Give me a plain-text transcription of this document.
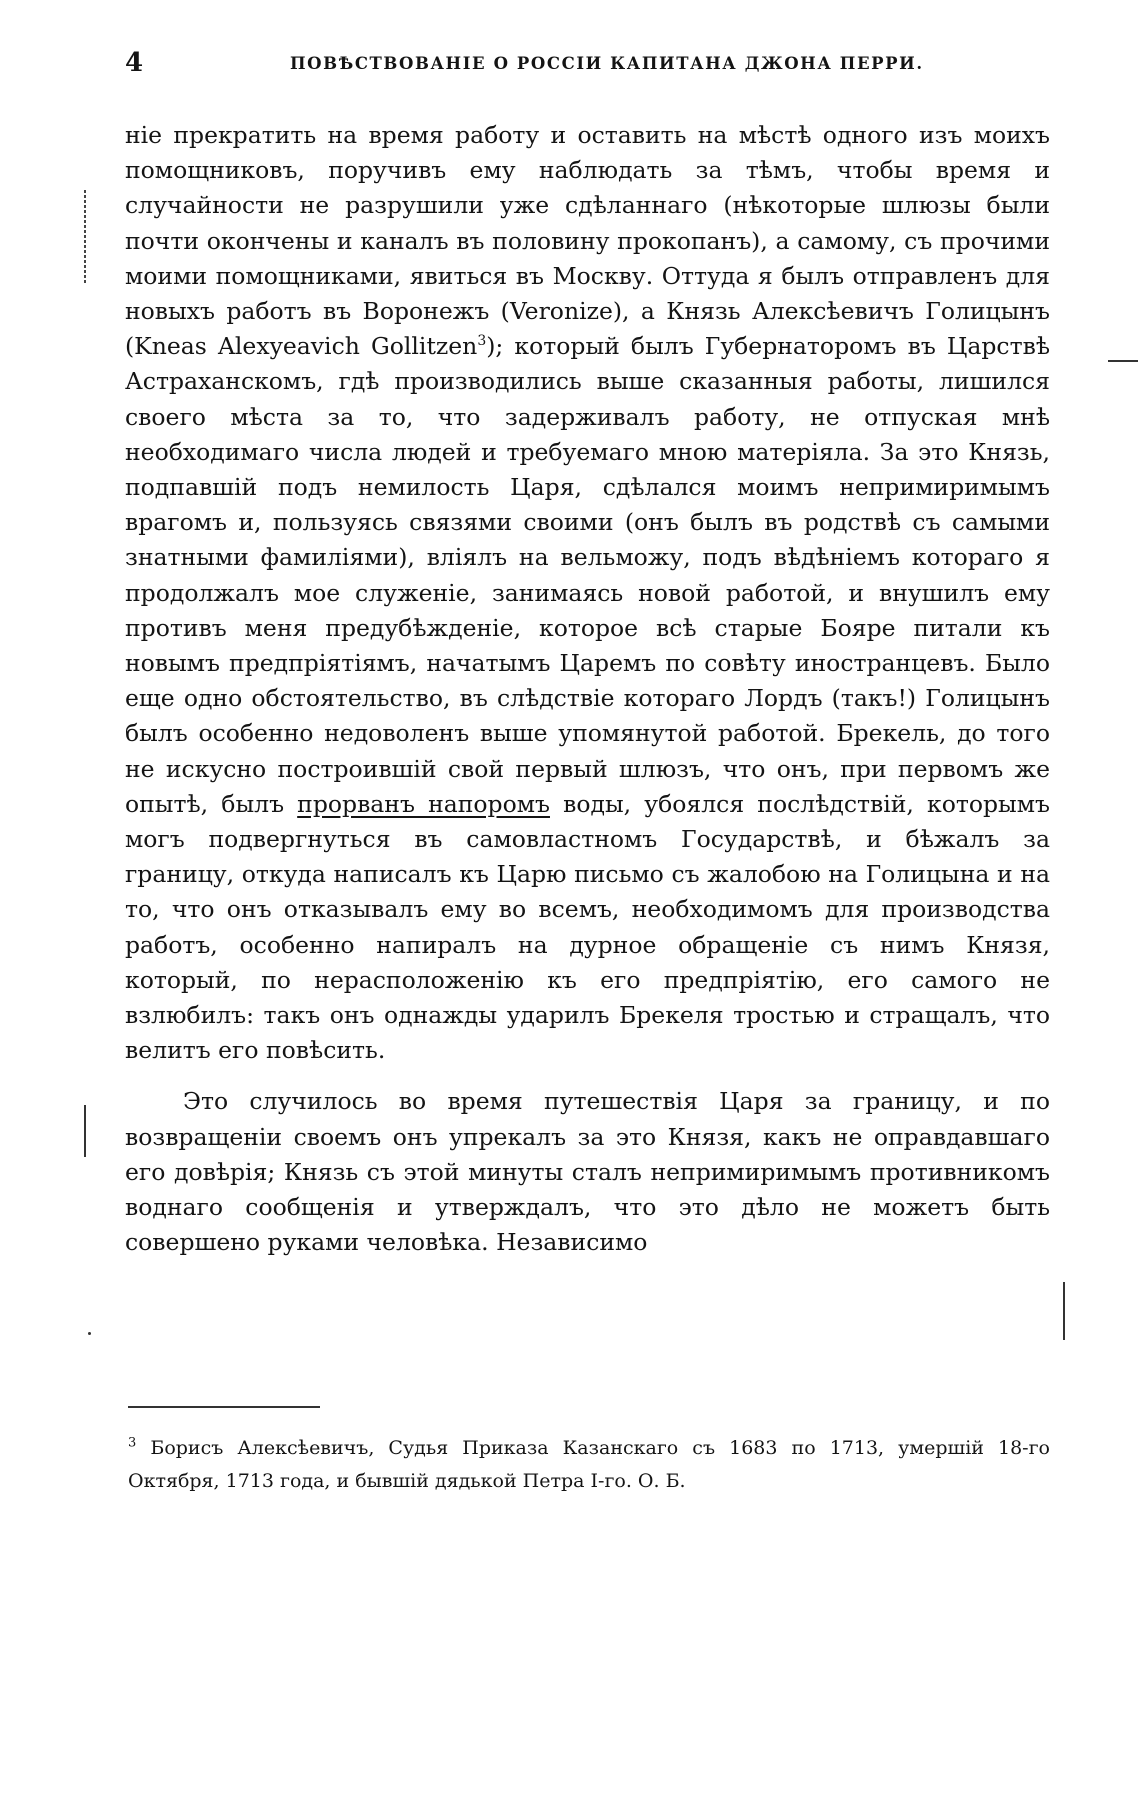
4	ПОВѢСТВОВАНІЕ О РОССІИ КАПИТАНА ДЖОНА ПЕРРИ.

ніе прекратить на время работу и оставить на мѣстѣ одного изъ моихъ помощниковъ, поручивъ ему наблюдать за тѣмъ, чтобы время и случайности не разрушили уже сдѣланнаго (нѣкоторые шлюзы были почти окончены и каналъ въ половину прокопанъ), а самому, съ прочими моими помощниками, явиться въ Москву. Оттуда я былъ отправленъ для новыхъ работъ въ Воронежъ (Veronize), а Князь Алексѣевичъ Голицынъ (Kneas Alexyeavich Gollitzen$^3$); который былъ Губернаторомъ въ Царствѣ Астраханскомъ, гдѣ производились выше сказанныя работы, лишился своего мѣста за то, что задерживалъ работу, не отпуская мнѣ необходимаго числа людей и требуемаго мною матеріяла. За это Князь, подпавшій подъ немилость Царя, сдѣлался моимъ непримиримымъ врагомъ и, пользуясь связями своими (онъ былъ въ родствѣ съ самыми знатными фамиліями), вліялъ на вельможу, подъ вѣдѣніемъ котораго я продолжалъ мое служеніе, занимаясь новой работой, и внушилъ ему противъ меня предубѣжденіе, которое всѣ старые Бояре питали къ новымъ предпріятіямъ, начатымъ Царемъ по совѣту иностранцевъ. Было еще одно обстоятельство, въ слѣдствіе котораго Лордъ (такъ!) Голицынъ былъ особенно недоволенъ выше упомянутой работой. Брекель, до того не искусно построившій свой первый шлюзъ, что онъ, при первомъ же опытѣ, былъ прорванъ напоромъ воды, убоялся послѣдствій, которымъ могъ подвергнуться въ самовластномъ Государствѣ, и бѣжалъ за границу, откуда написалъ къ Царю письмо съ жалобою на Голицына и на то, что онъ отказывалъ ему во всемъ, необходимомъ для производства работъ, особенно напиралъ на дурное обращеніе съ нимъ Князя, который, по нерасположенію къ его предпріятію, его самого не взлюбилъ: такъ онъ однажды ударилъ Брекеля тростью и стращалъ, что велитъ его повѣсить.

Это случилось во время путешествія Царя за границу, и по возвращеніи своемъ онъ упрекалъ за это Князя, какъ не оправдавшаго его довѣрія; Князь съ этой минуты сталъ непримиримымъ противникомъ воднаго сообщенія и утверждалъ, что это дѣло не можетъ быть совершено руками человѣка. Независимо

$^3$ Борисъ Алексѣевичъ, Судья Приказа Казанскаго съ 1683 по 1713, умершій 18-го Октября, 1713 года, и бывшій дядькой Петра I-го. О. Б.
